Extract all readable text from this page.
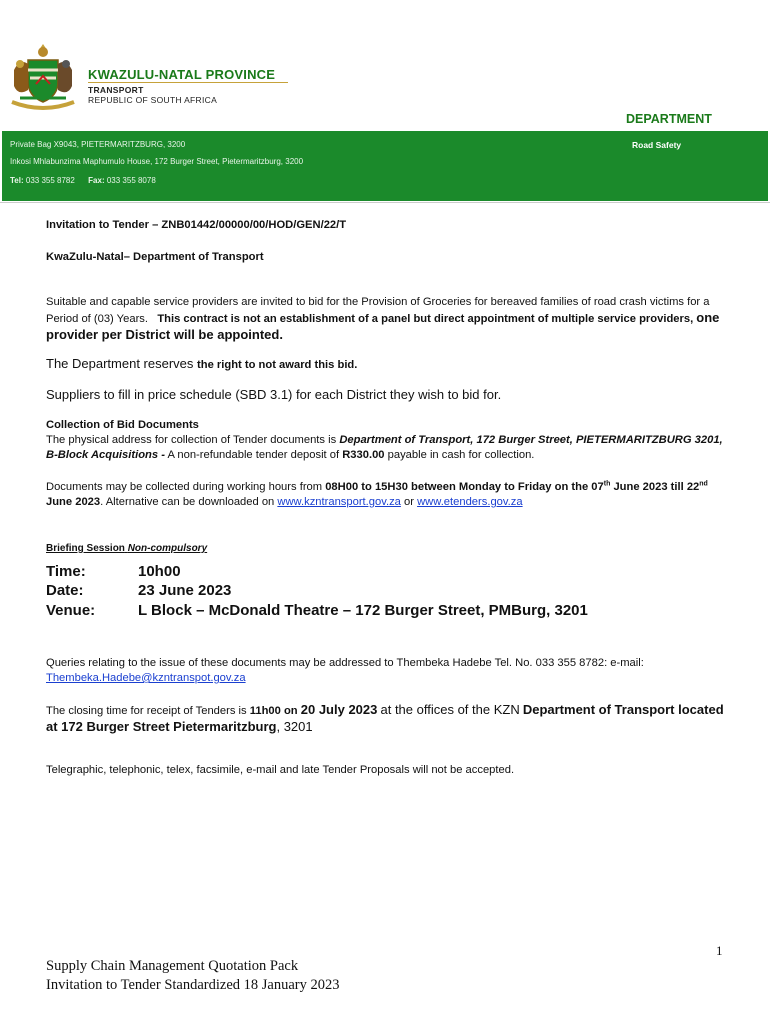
KWAZULU-NATAL PROVINCE
TRANSPORT
REPUBLIC OF SOUTH AFRICA
DEPARTMENT
Private Bag X9043, PIETERMARITZBURG, 3200
Inkosi Mhlabunzima Maphumulo House, 172 Burger Street, Pietermaritzburg, 3200
Tel: 033 355 8782 Fax: 033 355 8078
Road Safety
Invitation to Tender – ZNB01442/00000/00/HOD/GEN/22/T
KwaZulu-Natal– Department of Transport
Suitable and capable service providers are invited to bid for the Provision of Groceries for bereaved families of road crash victims for a Period of (03) Years. This contract is not an establishment of a panel but direct appointment of multiple service providers, one provider per District will be appointed.
The Department reserves the right to not award this bid.
Suppliers to fill in price schedule (SBD 3.1) for each District they wish to bid for.
Collection of Bid Documents
The physical address for collection of Tender documents is Department of Transport, 172 Burger Street, PIETERMARITZBURG 3201, B-Block Acquisitions - A non-refundable tender deposit of R330.00 payable in cash for collection.
Documents may be collected during working hours from 08H00 to 15H30 between Monday to Friday on the 07th June 2023 till 22nd June 2023. Alternative can be downloaded on www.kzntransport.gov.za or www.etenders.gov.za
Briefing Session Non-compulsory
Time:	10h00
Date:	23 June 2023
Venue:	L Block – McDonald Theatre – 172 Burger Street, PMBurg, 3201
Queries relating to the issue of these documents may be addressed to Thembeka Hadebe Tel. No. 033 355 8782: e-mail:
Thembeka.Hadebe@kzntranspot.gov.za
The closing time for receipt of Tenders is 11h00 on 20 July 2023 at the offices of the KZN Department of Transport located at 172 Burger Street Pietermaritzburg, 3201
Telegraphic, telephonic, telex, facsimile, e-mail and late Tender Proposals will not be accepted.
1
Supply Chain Management Quotation Pack
Invitation to Tender Standardized 18 January 2023
